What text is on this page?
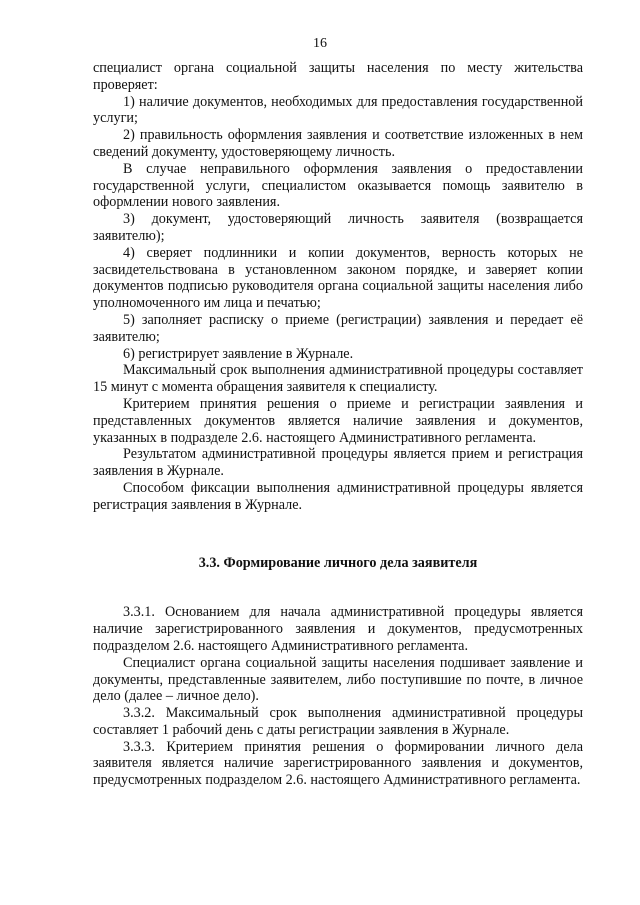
16

специалист органа социальной защиты населения по месту жительства проверяет:

1) наличие документов, необходимых для предоставления государственной услуги;

2) правильность оформления заявления и соответствие изложенных в нем сведений документу, удостоверяющему личность.

В случае неправильного оформления заявления о предоставлении государственной услуги, специалистом оказывается помощь заявителю в оформлении нового заявления.

3) документ, удостоверяющий личность заявителя (возвращается заявителю);

4) сверяет подлинники и копии документов, верность которых не засвидетельствована в установленном законом порядке, и заверяет копии документов подписью руководителя органа социальной защиты населения либо уполномоченного им лица и печатью;

5) заполняет расписку о приеме (регистрации) заявления и передает её заявителю;

6) регистрирует заявление в Журнале.

Максимальный срок выполнения административной процедуры составляет 15 минут с момента обращения заявителя к специалисту.

Критерием принятия решения о приеме и регистрации заявления и представленных документов является наличие заявления и документов, указанных в подразделе 2.6. настоящего Административного регламента.

Результатом административной процедуры является прием и регистрация заявления в Журнале.

Способом фиксации выполнения административной процедуры является регистрация заявления в Журнале.

3.3. Формирование личного дела заявителя

3.3.1. Основанием для начала административной процедуры является наличие зарегистрированного заявления и документов, предусмотренных подразделом 2.6. настоящего Административного регламента.

Специалист органа социальной защиты населения подшивает заявление и документы, представленные заявителем, либо поступившие по почте, в личное дело (далее – личное дело).

3.3.2. Максимальный срок выполнения административной процедуры составляет 1 рабочий день с даты регистрации заявления в Журнале.

3.3.3. Критерием принятия решения о формировании личного дела заявителя является наличие зарегистрированного заявления и документов, предусмотренных подразделом 2.6. настоящего Административного регламента.
